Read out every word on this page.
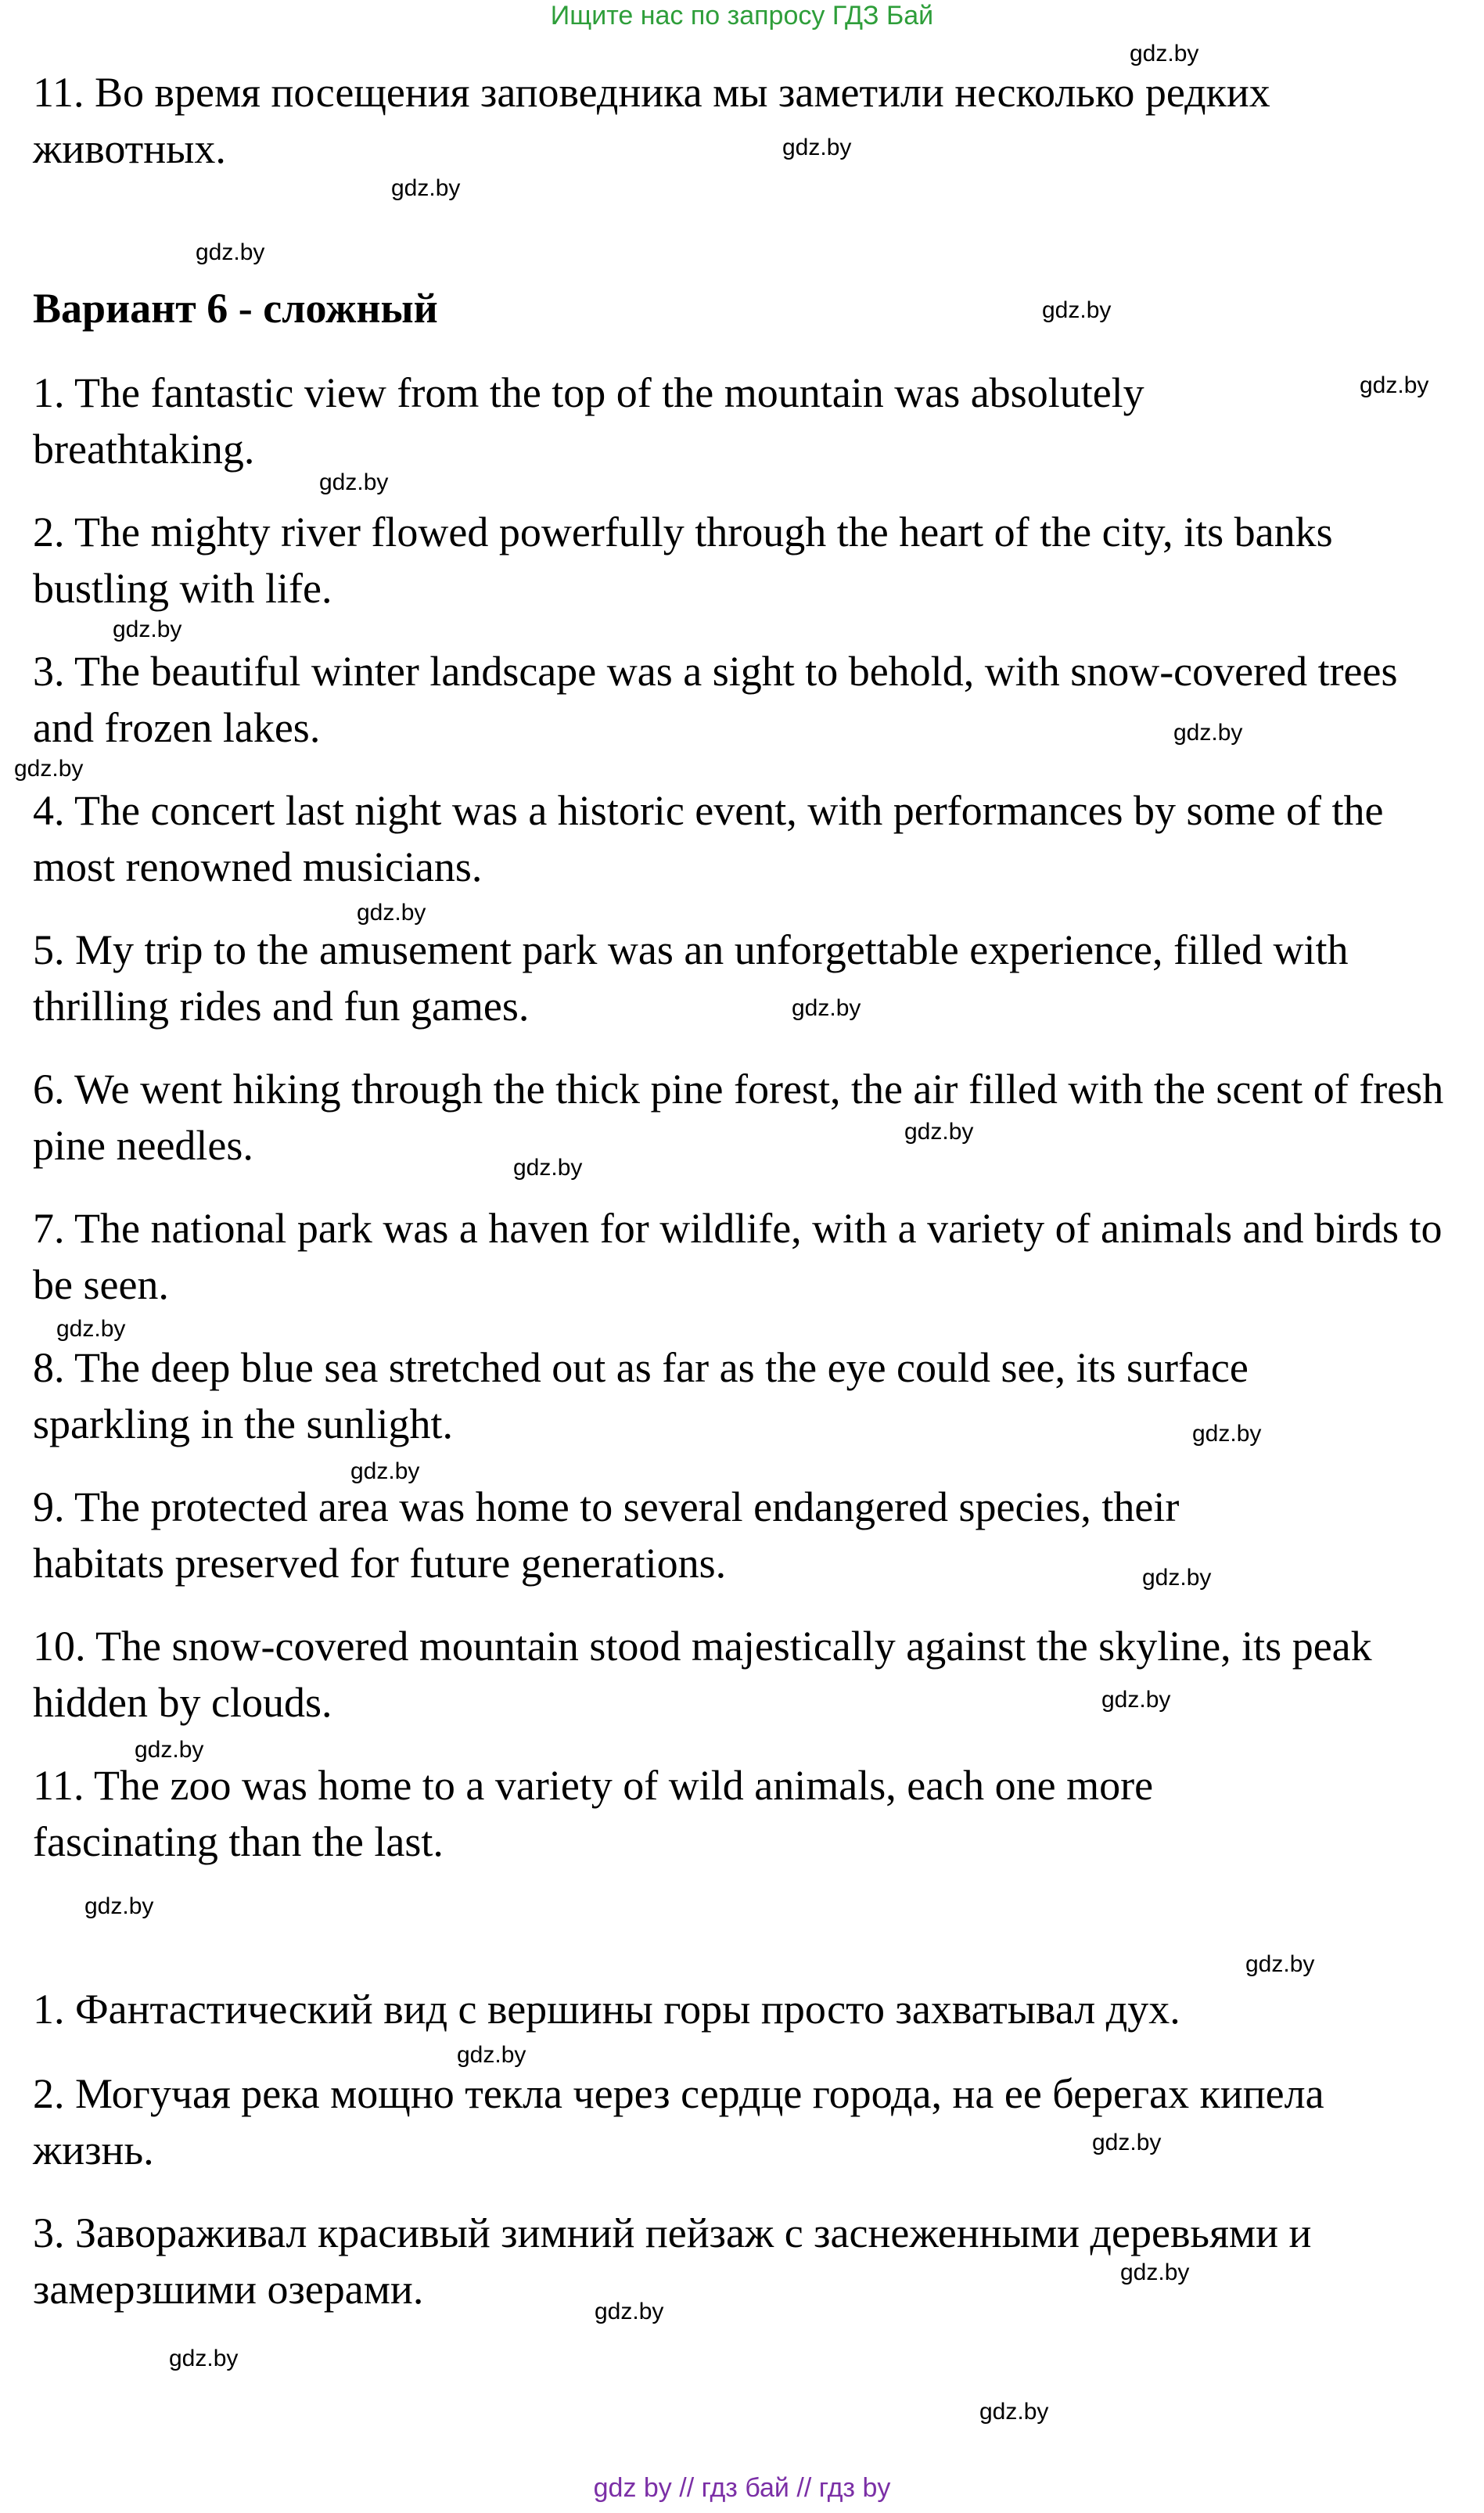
Ищите нас по запросу ГДЗ Бай

11. Во время посещения заповедника мы заметили несколько редких животных.

Вариант 6 - сложный

1. The fantastic view from the top of the mountain was absolutely breathtaking.

2. The mighty river flowed powerfully through the heart of the city, its banks bustling with life.

3. The beautiful winter landscape was a sight to behold, with snow-covered trees and frozen lakes.

4. The concert last night was a historic event, with performances by some of the most renowned musicians.

5. My trip to the amusement park was an unforgettable experience, filled with thrilling rides and fun games.

6. We went hiking through the thick pine forest, the air filled with the scent of fresh pine needles.

7. The national park was a haven for wildlife, with a variety of animals and birds to be seen.

8. The deep blue sea stretched out as far as the eye could see, its surface sparkling in the sunlight.

9. The protected area was home to several endangered species, their habitats preserved for future generations.

10. The snow-covered mountain stood majestically against the skyline, its peak hidden by clouds.

11. The zoo was home to a variety of wild animals, each one more fascinating than the last.

1. Фантастический вид с вершины горы просто захватывал дух.

2. Могучая река мощно текла через сердце города, на ее берегах кипела жизнь.

3. Завораживал красивый зимний пейзаж с заснеженными деревьями и замерзшими озерами.

gdz.by
gdz.by
gdz.by
gdz.by
gdz.by
gdz.by
gdz.by
gdz.by
gdz.by
gdz.by
gdz.by
gdz.by
gdz.by
gdz.by
gdz.by
gdz.by
gdz.by
gdz.by
gdz.by
gdz.by
gdz.by
gdz.by
gdz.by
gdz.by
gdz.by
gdz.by
gdz.by
gdz.by
gdz by // гдз бай // гдз by
